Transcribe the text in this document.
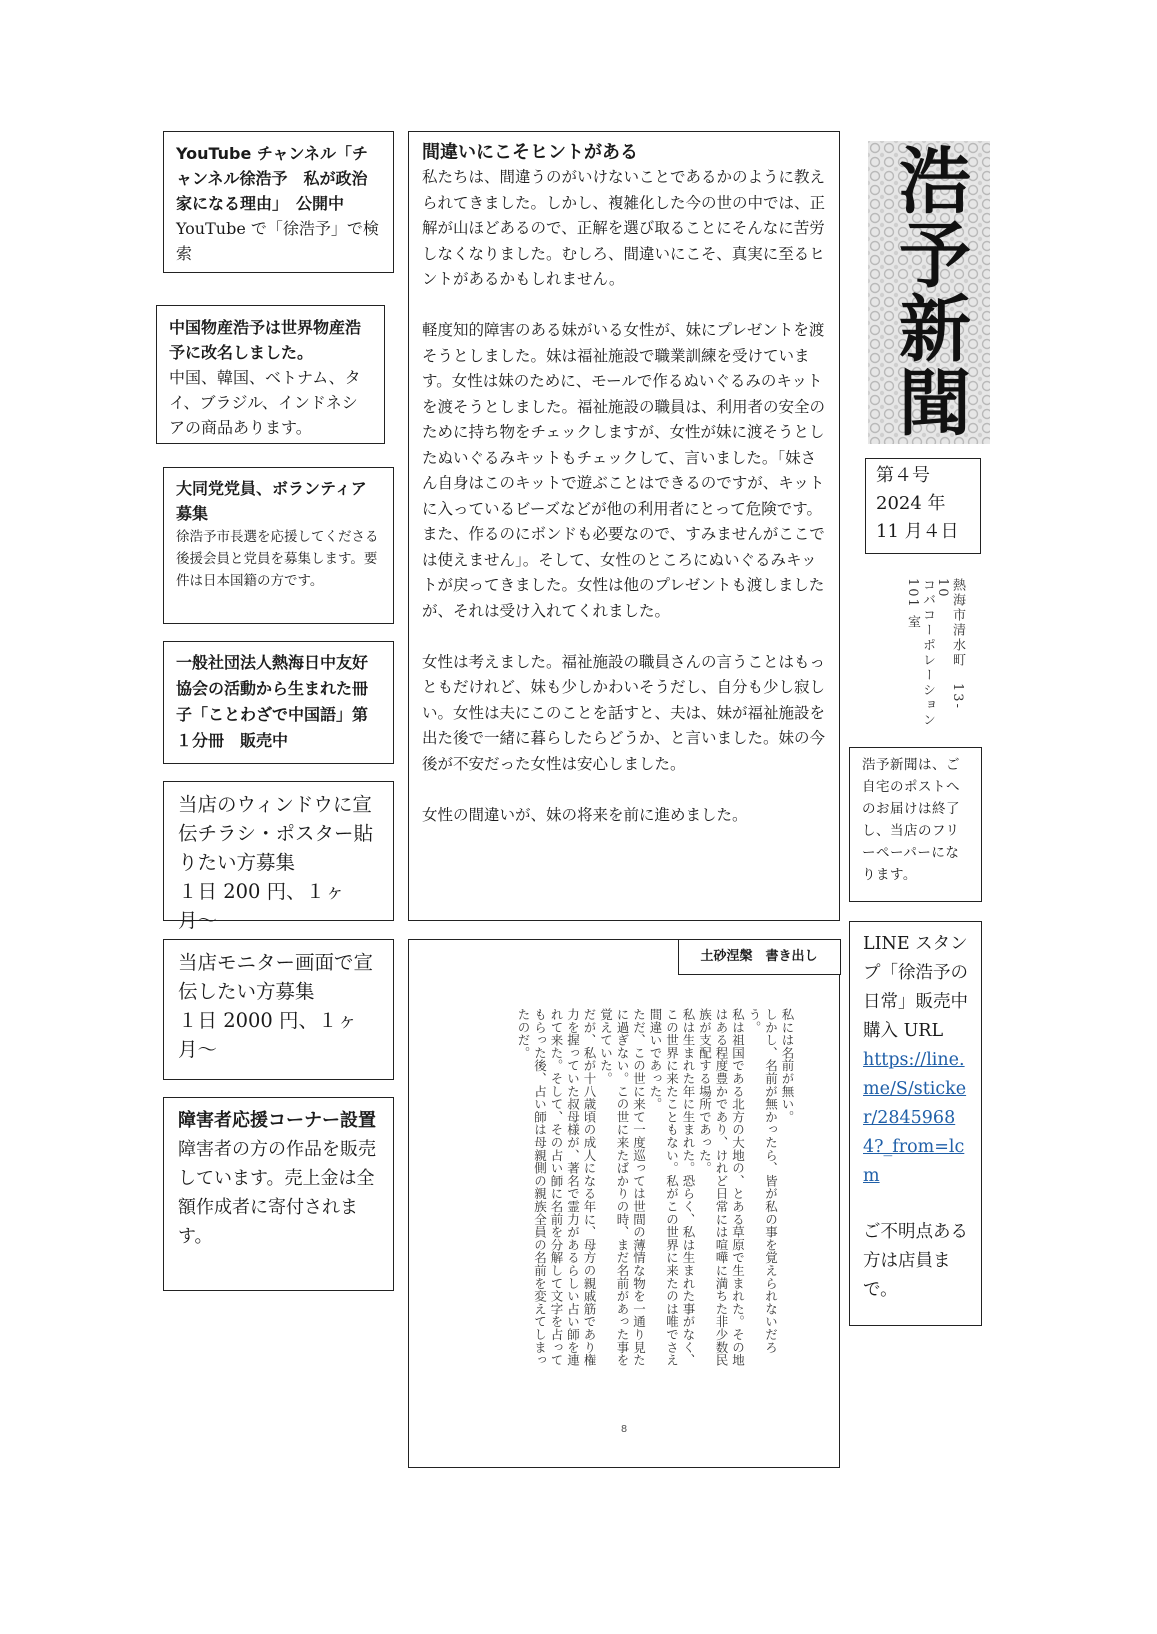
YouTube チャンネル「チャンネル徐浩予　私が政治家になる理由」　公開中 YouTube で「徐浩予」で検索
中国物産浩予は世界物産浩予に改名しました。
中国、韓国、ベトナム、タイ、ブラジル、インドネシアの商品あります。
大同党党員、ボランティア募集
徐浩予市長選を応援してくださる後援会員と党員を募集します。要件は日本国籍の方です。
一般社団法人熱海日中友好協会の活動から生まれた冊子「ことわざで中国語」第１分冊　販売中
当店のウィンドウに宣伝チラシ・ポスター貼りたい方募集
１日 200 円、１ヶ月〜
当店モニター画面で宣伝したい方募集
１日 2000 円、１ヶ月〜
障害者応援コーナー設置
障害者の方の作品を販売しています。売上金は全額作成者に寄付されます。
間違いにこそヒントがある

私たちは、間違うのがいけないことであるかのように教えられてきました。しかし、複雑化した今の世の中では、正解が山ほどあるので、正解を選び取ることにそんなに苦労しなくなりました。むしろ、間違いにこそ、真実に至るヒントがあるかもしれません。

軽度知的障害のある妹がいる女性が、妹にプレゼントを渡そうとしました。妹は福祉施設で職業訓練を受けています。女性は妹のために、モールで作るぬいぐるみのキットを渡そうとしました。福祉施設の職員は、利用者の安全のために持ち物をチェックしますが、女性が妹に渡そうとしたぬいぐるみキットもチェックして、言いました。「妹さん自身はこのキットで遊ぶことはできるのですが、キットに入っているビーズなどが他の利用者にとって危険です。また、作るのにボンドも必要なので、すみませんがここでは使えません」。そして、女性のところにぬいぐるみキットが戻ってきました。女性は他のプレゼントも渡しましたが、それは受け入れてくれました。

女性は考えました。福祉施設の職員さんの言うことはもっともだけれど、妹も少しかわいそうだし、自分も少し寂しい。女性は夫にこのことを話すと、夫は、妹が福祉施設を出た後で一緒に暮らしたらどうか、と言いました。妹の今後が不安だった女性は安心しました。

女性の間違いが、妹の将来を前に進めました。

土砂涅槃　書き出し

私には名前が無い。

しかし、名前が無かったら、皆が私の事を覚えられないだろう。

私は祖国である北方の大地の、とある草原で生まれた。その地はある程度豊かであり、けれど日常には喧嘩に満ちた非少数民族が支配する場所であった。

私は生まれた年に生まれた。恐らく、私は生まれた事がなく、この世界に来たこともない。私がこの世界に来たのは唯でさえ間違いであった。

ただ、この世に来て一度巡っては世間の薄情な物を一通り見たに過ぎない。この世に来たばかりの時、まだ名前があった事を覚えていた。

だが、私が十八歳頃の成人になる年に、母方の親戚筋であり権力を握っていた叔母様が、著名で霊力があるらしい占い師を連れて来た。そして、その占い師に名前を分解して文字を占ってもらった後、占い師は母親側の親族全員の名前を変えてしまったのだ。

8
浩予新聞
第４号
2024 年
11 月４日
熱海市清水町　13-10
コバコーポレーション 101 室
浩予新聞は、ご自宅のポストへのお届けは終了し、当店のフリーペーパーになります。
LINE スタンプ「徐浩予の日常」販売中
購入 URL
https://line.me/S/sticker/28459684?_from=lcm
ご不明点ある方は店員まで。
